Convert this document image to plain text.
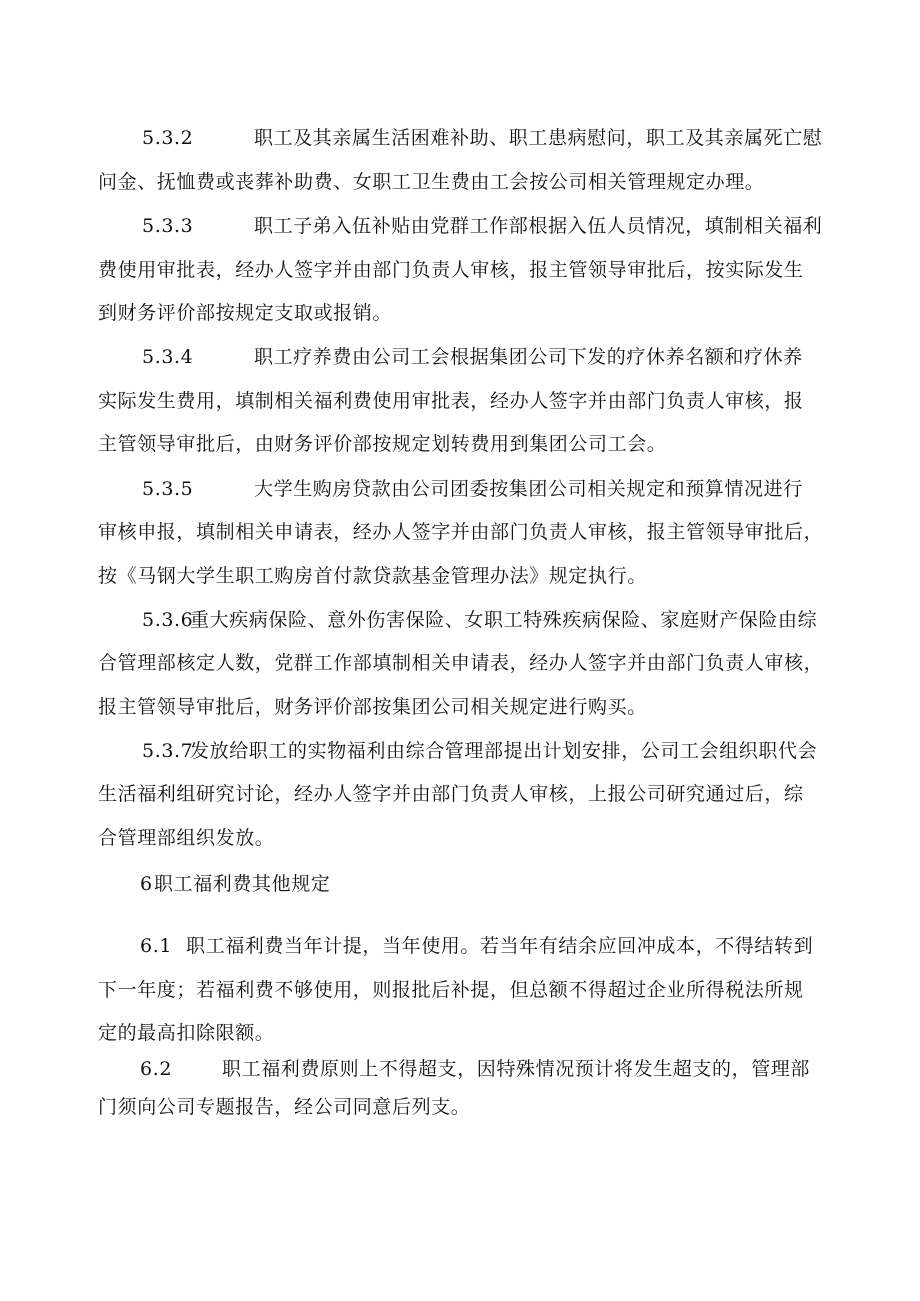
5.3.2	职工及其亲属生活困难补助、职工患病慰问，职工及其亲属死亡慰
问金、抚恤费或丧葬补助费、女职工卫生费由工会按公司相关管理规定办理。
5.3.3	职工子弟入伍补贴由党群工作部根据入伍人员情况，填制相关福利
费使用审批表，经办人签字并由部门负责人审核，报主管领导审批后，按实际发生
到财务评价部按规定支取或报销。
5.3.4	职工疗养费由公司工会根据集团公司下发的疗休养名额和疗休养
实际发生费用，填制相关福利费使用审批表，经办人签字并由部门负责人审核，报
主管领导审批后，由财务评价部按规定划转费用到集团公司工会。
5.3.5	大学生购房贷款由公司团委按集团公司相关规定和预算情况进行
审核申报，填制相关申请表，经办人签字并由部门负责人审核，报主管领导审批后，
按《马钢大学生职工购房首付款贷款基金管理办法》规定执行。
5.3.6重大疾病保险、意外伤害保险、女职工特殊疾病保险、家庭财产保险由综
合管理部核定人数，党群工作部填制相关申请表，经办人签字并由部门负责人审核，
报主管领导审批后，财务评价部按集团公司相关规定进行购买。
5.3.7发放给职工的实物福利由综合管理部提出计划安排，公司工会组织职代会
生活福利组研究讨论，经办人签字并由部门负责人审核，上报公司研究通过后，综
合管理部组织发放。
6职工福利费其他规定
6.1 职工福利费当年计提，当年使用。若当年有结余应回冲成本，不得结转到
下一年度；若福利费不够使用，则报批后补提，但总额不得超过企业所得税法所规
定的最高扣除限额。
6.2	职工福利费原则上不得超支，因特殊情况预计将发生超支的，管理部
门须向公司专题报告，经公司同意后列支。
